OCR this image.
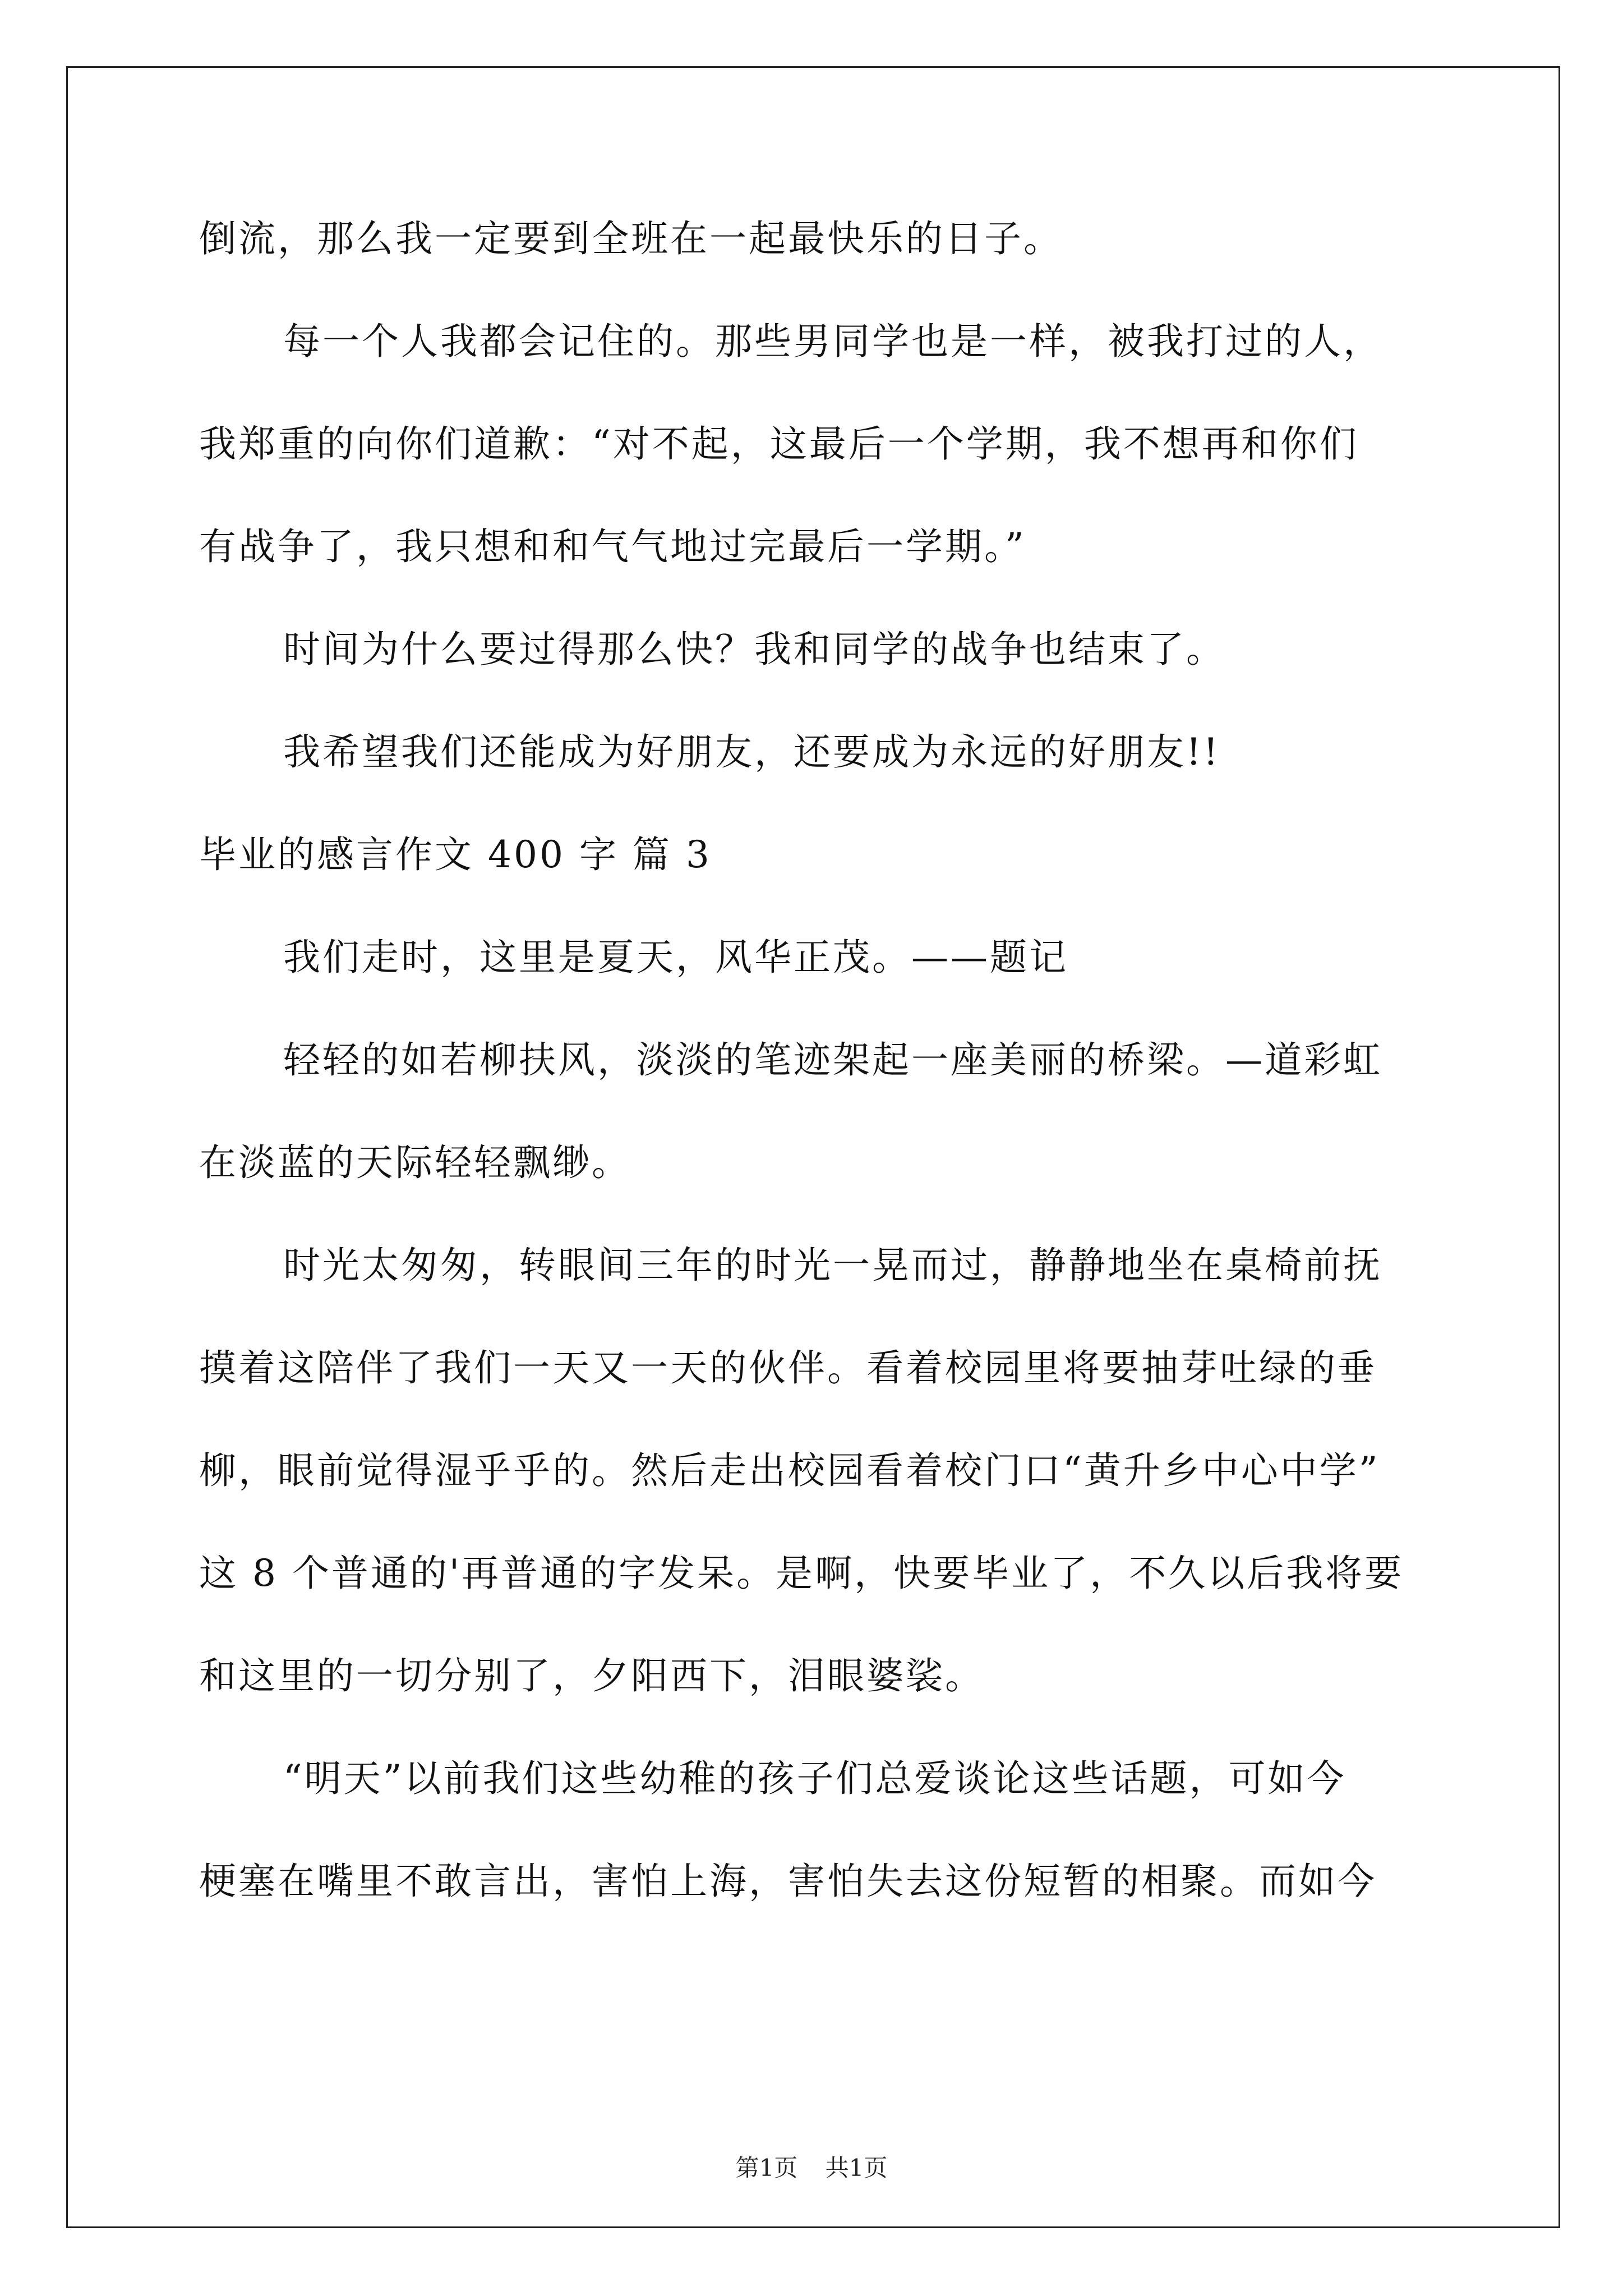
倒流，那么我一定要到全班在一起最快乐的日子。
每一个人我都会记住的。那些男同学也是一样，被我打过的人，
我郑重的向你们道歉：“对不起，这最后一个学期，我不想再和你们
有战争了，我只想和和气气地过完最后一学期。”
时间为什么要过得那么快？我和同学的战争也结束了。
我希望我们还能成为好朋友，还要成为永远的好朋友!!
毕业的感言作文 400 字 篇 3
我们走时，这里是夏天，风华正茂。——题记
轻轻的如若柳扶风，淡淡的笔迹架起一座美丽的桥梁。—道彩虹
在淡蓝的天际轻轻飘缈。
时光太匆匆，转眼间三年的时光一晃而过，静静地坐在桌椅前抚
摸着这陪伴了我们一天又一天的伙伴。看着校园里将要抽芽吐绿的垂
柳，眼前觉得湿乎乎的。然后走出校园看着校门口“黄升乡中心中学”
这 8 个普通的'再普通的字发呆。是啊，快要毕业了，不久以后我将要
和这里的一切分别了，夕阳西下，泪眼婆裟。
“明天”以前我们这些幼稚的孩子们总爱谈论这些话题，可如今
梗塞在嘴里不敢言出，害怕上海，害怕失去这份短暂的相聚。而如今
第1页 共1页
